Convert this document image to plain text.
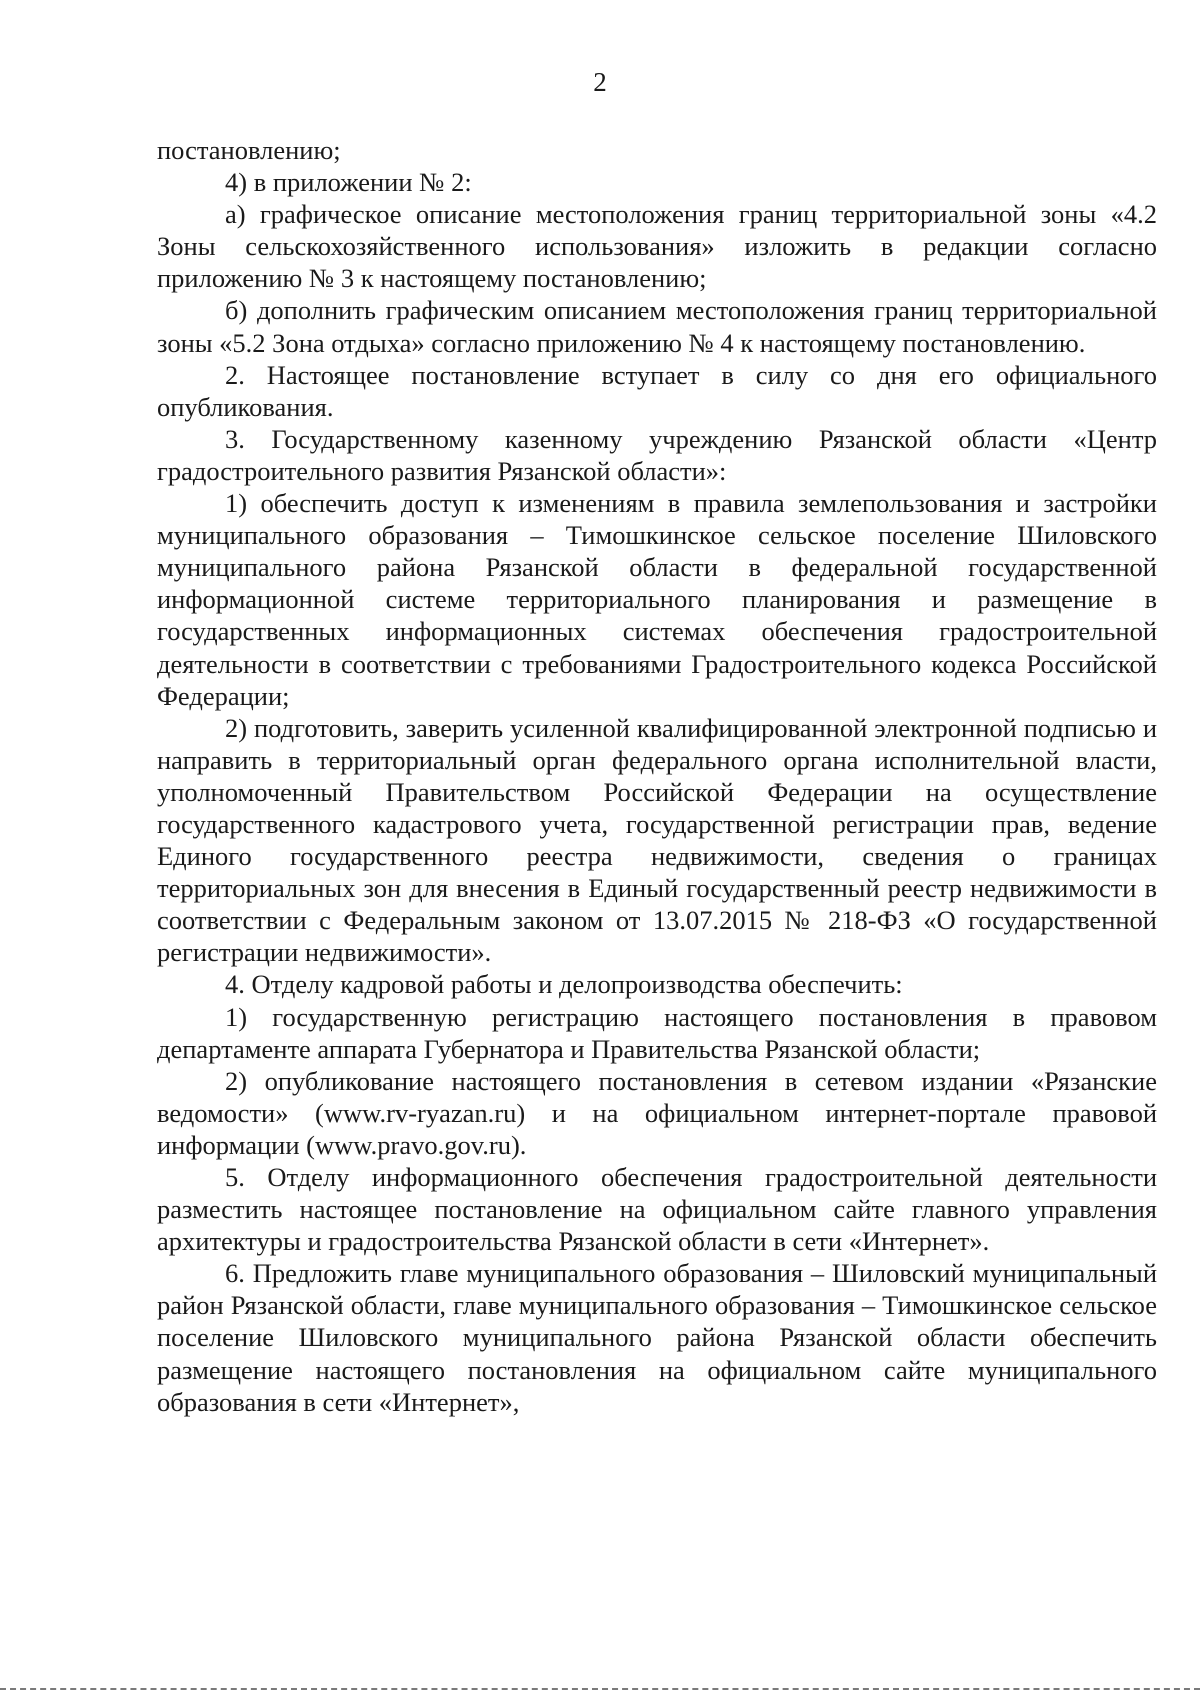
2

постановлению;

4) в приложении № 2:

а) графическое описание местоположения границ территориальной зоны «4.2 Зоны сельскохозяйственного использования» изложить в редакции согласно приложению № 3 к настоящему постановлению;

б) дополнить графическим описанием местоположения границ территориальной зоны «5.2 Зона отдыха» согласно приложению № 4 к настоящему постановлению.

2. Настоящее постановление вступает в силу со дня его официального опубликования.

3. Государственному казенному учреждению Рязанской области «Центр градостроительного развития Рязанской области»:

1) обеспечить доступ к изменениям в правила землепользования и застройки муниципального образования – Тимошкинское сельское поселение Шиловского муниципального района Рязанской области в федеральной государственной информационной системе территориального планирования и размещение в государственных информационных системах обеспечения градостроительной деятельности в соответствии с требованиями Градостроительного кодекса Российской Федерации;

2) подготовить, заверить усиленной квалифицированной электронной подписью и направить в территориальный орган федерального органа исполнительной власти, уполномоченный Правительством Российской Федерации на осуществление государственного кадастрового учета, государственной регистрации прав, ведение Единого государственного реестра недвижимости, сведения о границах территориальных зон для внесения в Единый государственный реестр недвижимости в соответствии с Федеральным законом от 13.07.2015 № 218-ФЗ «О государственной регистрации недвижимости».

4. Отделу кадровой работы и делопроизводства обеспечить:

1) государственную регистрацию настоящего постановления в правовом департаменте аппарата Губернатора и Правительства Рязанской области;

2) опубликование настоящего постановления в сетевом издании «Рязанские ведомости» (www.rv-ryazan.ru) и на официальном интернет-портале правовой информации (www.pravo.gov.ru).

5. Отделу информационного обеспечения градостроительной деятельности разместить настоящее постановление на официальном сайте главного управления архитектуры и градостроительства Рязанской области в сети «Интернет».

6. Предложить главе муниципального образования – Шиловский муниципальный район Рязанской области, главе муниципального образования – Тимошкинское сельское поселение Шиловского муниципального района Рязанской области обеспечить размещение настоящего постановления на официальном сайте муниципального образования в сети «Интернет»,
